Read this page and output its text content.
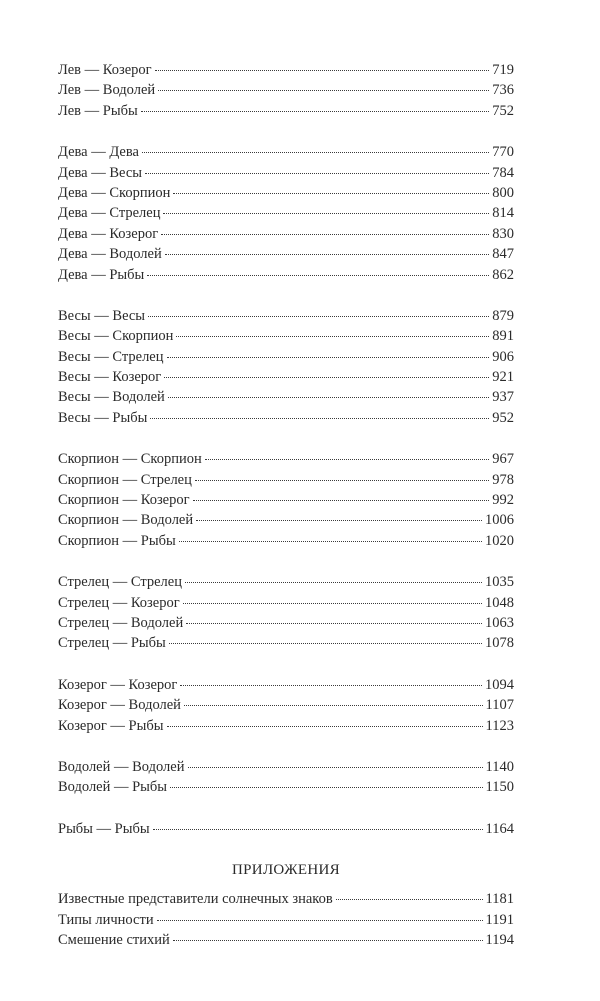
Лев — Козерог	719
Лев — Водолей	736
Лев — Рыбы	752
Дева — Дева	770
Дева — Весы	784
Дева — Скорпион	800
Дева — Стрелец	814
Дева — Козерог	830
Дева — Водолей	847
Дева — Рыбы	862
Весы — Весы	879
Весы — Скорпион	891
Весы — Стрелец	906
Весы — Козерог	921
Весы — Водолей	937
Весы — Рыбы	952
Скорпион — Скорпион	967
Скорпион — Стрелец	978
Скорпион — Козерог	992
Скорпион — Водолей	1006
Скорпион — Рыбы	1020
Стрелец — Стрелец	1035
Стрелец — Козерог	1048
Стрелец — Водолей	1063
Стрелец — Рыбы	1078
Козерог — Козерог	1094
Козерог — Водолей	1107
Козерог — Рыбы	1123
Водолей — Водолей	1140
Водолей — Рыбы	1150
Рыбы — Рыбы	1164
ПРИЛОЖЕНИЯ
Известные представители солнечных знаков	1181
Типы личности	1191
Смешение стихий	1194
